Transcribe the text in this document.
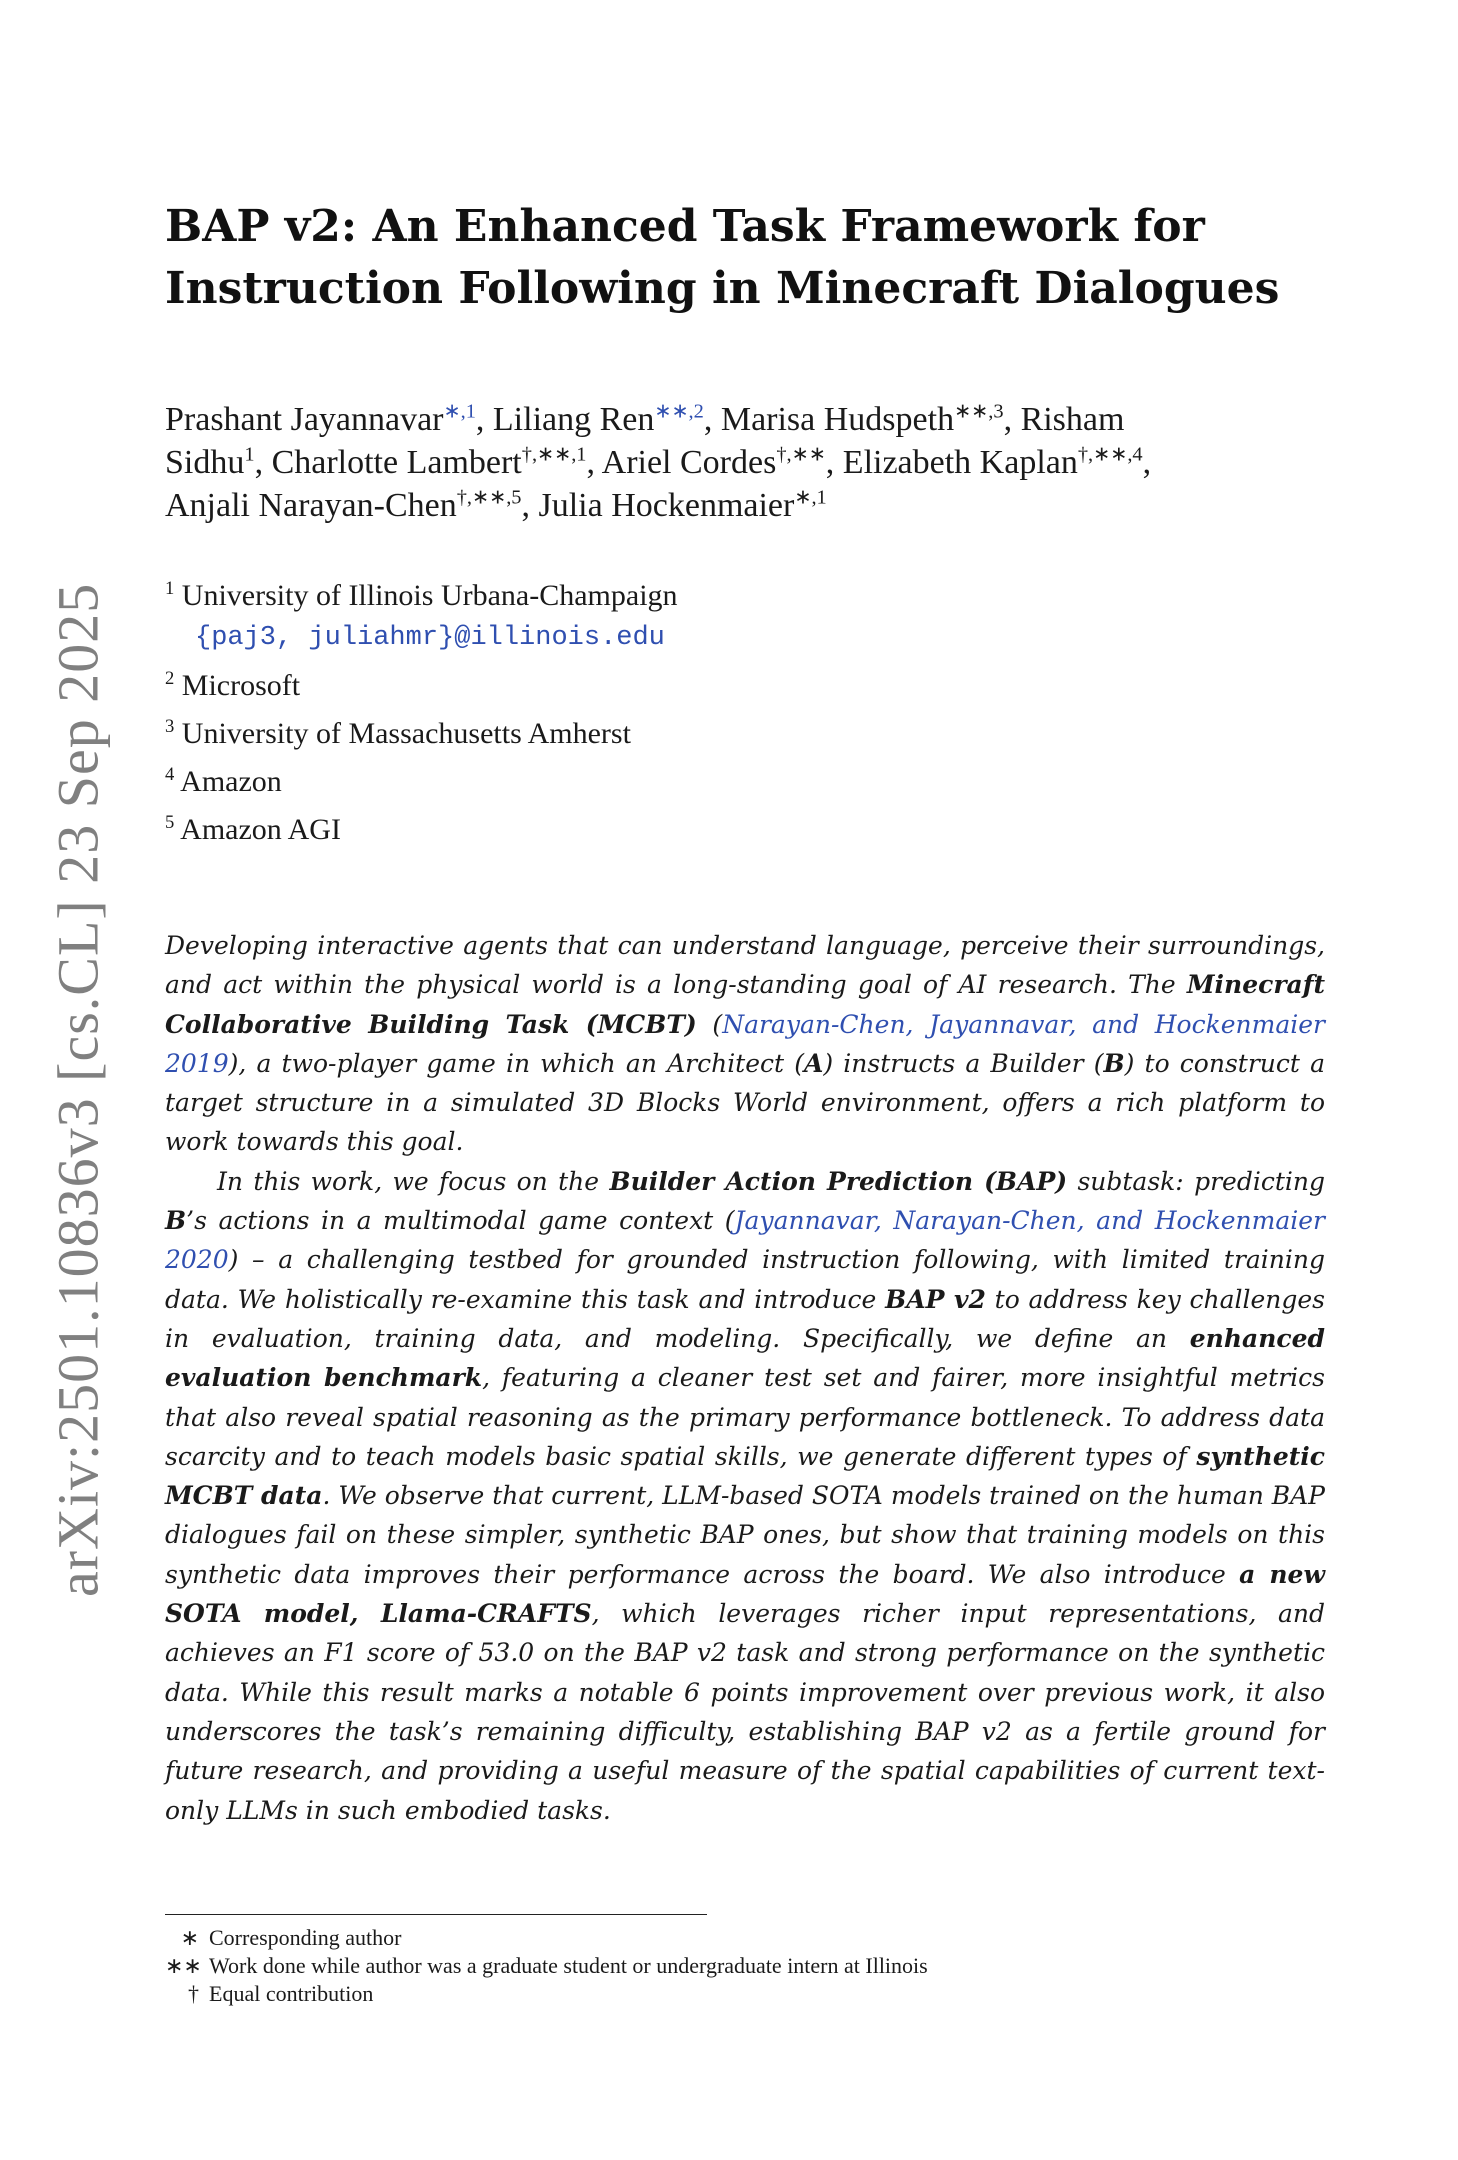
arXiv:2501.10836v3 [cs.CL] 23 Sep 2025
BAP v2: An Enhanced Task Framework for
Instruction Following in Minecraft Dialogues
Prashant Jayannavar$^{∗,1}$, Liliang Ren$^{∗∗,2}$, Marisa Hudspeth$^{∗∗,3}$, Risham
Sidhu$^1$, Charlotte Lambert$^{\dagger,∗∗,1}$, Ariel Cordes†,∗∗, Elizabeth Kaplan$^{\dagger,∗∗,4}$,
Anjali Narayan-Chen$^{\dagger,∗∗,5}$, Julia Hockenmaier$^{∗,1}$
$^1$ University of Illinois Urbana-Champaign
{paj3, juliahmr}@illinois.edu
$^2$ Microsoft
$^3$ University of Massachusetts Amherst
$^4$ Amazon
$^5$ Amazon AGI

Developing interactive agents that can understand language, perceive their surroundings, and act within the physical world is a long-standing goal of AI research. The Minecraft Collaborative Building Task (MCBT) (Narayan-Chen, Jayannavar, and Hockenmaier 2019), a two-player game in which an Architect (A) instructs a Builder (B) to construct a target structure in a simulated 3D Blocks World environment, offers a rich platform to work towards this goal.

In this work, we focus on the Builder Action Prediction (BAP) subtask: predicting B’s actions in a multimodal game context (Jayannavar, Narayan-Chen, and Hockenmaier 2020) – a challenging testbed for grounded instruction following, with limited training data. We holistically re-examine this task and introduce BAP v2 to address key challenges in evaluation, training data, and modeling. Specifically, we define an enhanced evaluation benchmark, featuring a cleaner test set and fairer, more insightful metrics that also reveal spatial reasoning as the primary performance bottleneck. To address data scarcity and to teach models basic spatial skills, we generate different types of synthetic MCBT data. We observe that current, LLM-based SOTA models trained on the human BAP dialogues fail on these simpler, synthetic BAP ones, but show that training models on this synthetic data improves their performance across the board. We also introduce a new SOTA model, Llama-CRAFTS, which leverages richer input representations, and achieves an F1 score of 53.0 on the BAP v2 task and strong performance on the synthetic data. While this result marks a notable 6 points improvement over previous work, it also underscores the task’s remaining difficulty, establishing BAP v2 as a fertile ground for future research, and providing a useful measure of the spatial capabilities of current text-only LLMs in such embodied tasks.

∗ Corresponding author
∗∗ Work done while author was a graduate student or undergraduate intern at Illinois
† Equal contribution
